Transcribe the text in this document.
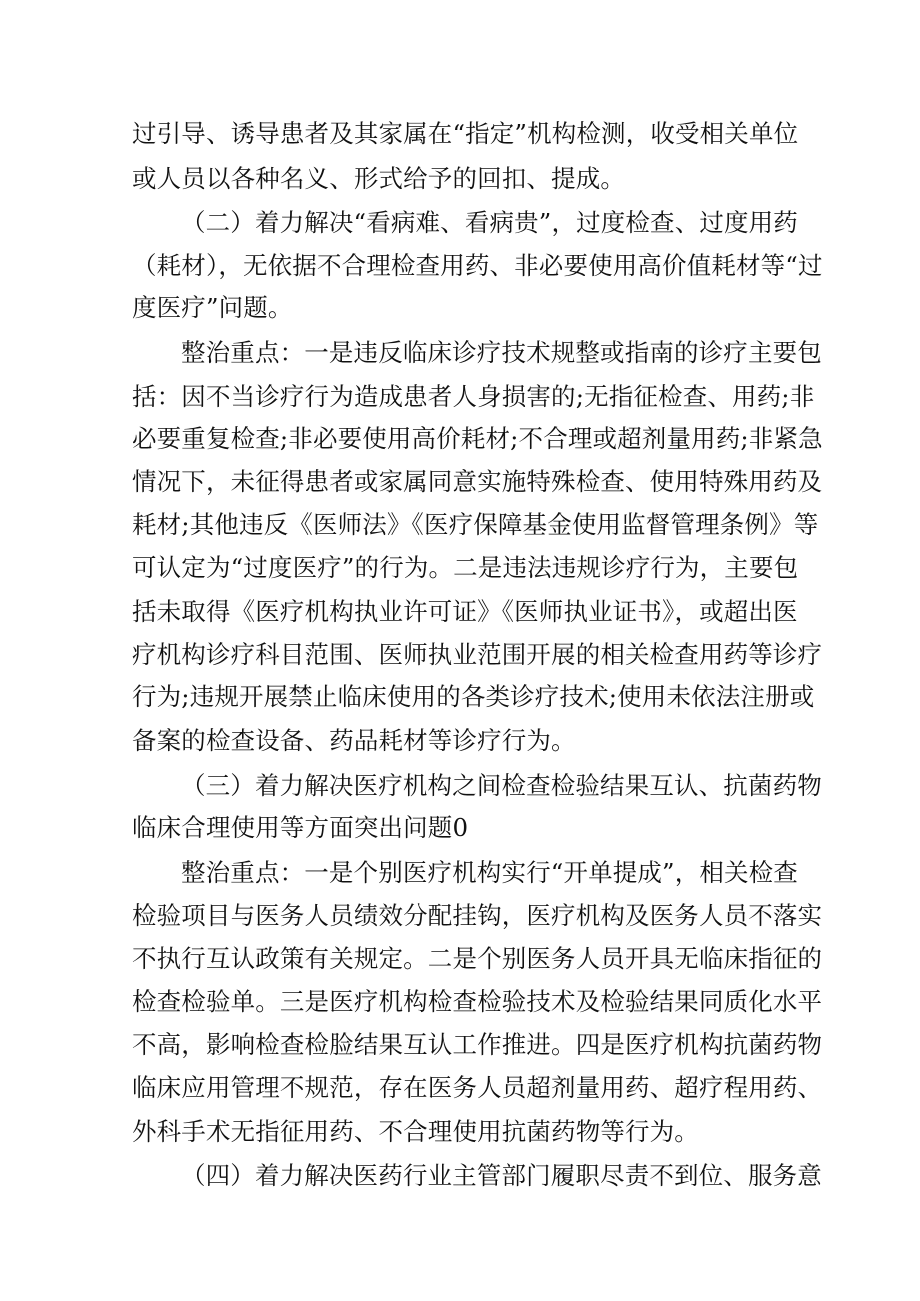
过引导、诱导患者及其家属在“指定”机构检测，收受相关单位
或人员以各种名义、形式给予的回扣、提成。
（二）着力解决“看病难、看病贵”，过度检查、过度用药
（耗材），无依据不合理检查用药、非必要使用高价值耗材等“过
度医疗”问题。
整治重点：一是违反临床诊疗技术规整或指南的诊疗主要包
括：因不当诊疗行为造成患者人身损害的;无指征检查、用药;非
必要重复检查;非必要使用高价耗材;不合理或超剂量用药;非紧急
情况下，未征得患者或家属同意实施特殊检查、使用特殊用药及
耗材;其他违反《医师法》《医疗保障基金使用监督管理条例》等
可认定为“过度医疗”的行为。二是违法违规诊疗行为，主要包
括未取得《医疗机构执业许可证》《医师执业证书》，或超出医
疗机构诊疗科目范围、医师执业范围开展的相关检查用药等诊疗
行为;违规开展禁止临床使用的各类诊疗技术;使用未依法注册或
备案的检查设备、药品耗材等诊疗行为。
（三）着力解决医疗机构之间检查检验结果互认、抗菌药物
临床合理使用等方面突出问题0
整治重点：一是个别医疗机构实行“开单提成”，相关检查
检验项目与医务人员绩效分配挂钩，医疗机构及医务人员不落实
不执行互认政策有关规定。二是个别医务人员开具无临床指征的
检查检验单。三是医疗机构检查检验技术及检验结果同质化水平
不高，影响检查检脸结果互认工作推进。四是医疗机构抗菌药物
临床应用管理不规范，存在医务人员超剂量用药、超疗程用药、
外科手术无指征用药、不合理使用抗菌药物等行为。
（四）着力解决医药行业主管部门履职尽责不到位、服务意
